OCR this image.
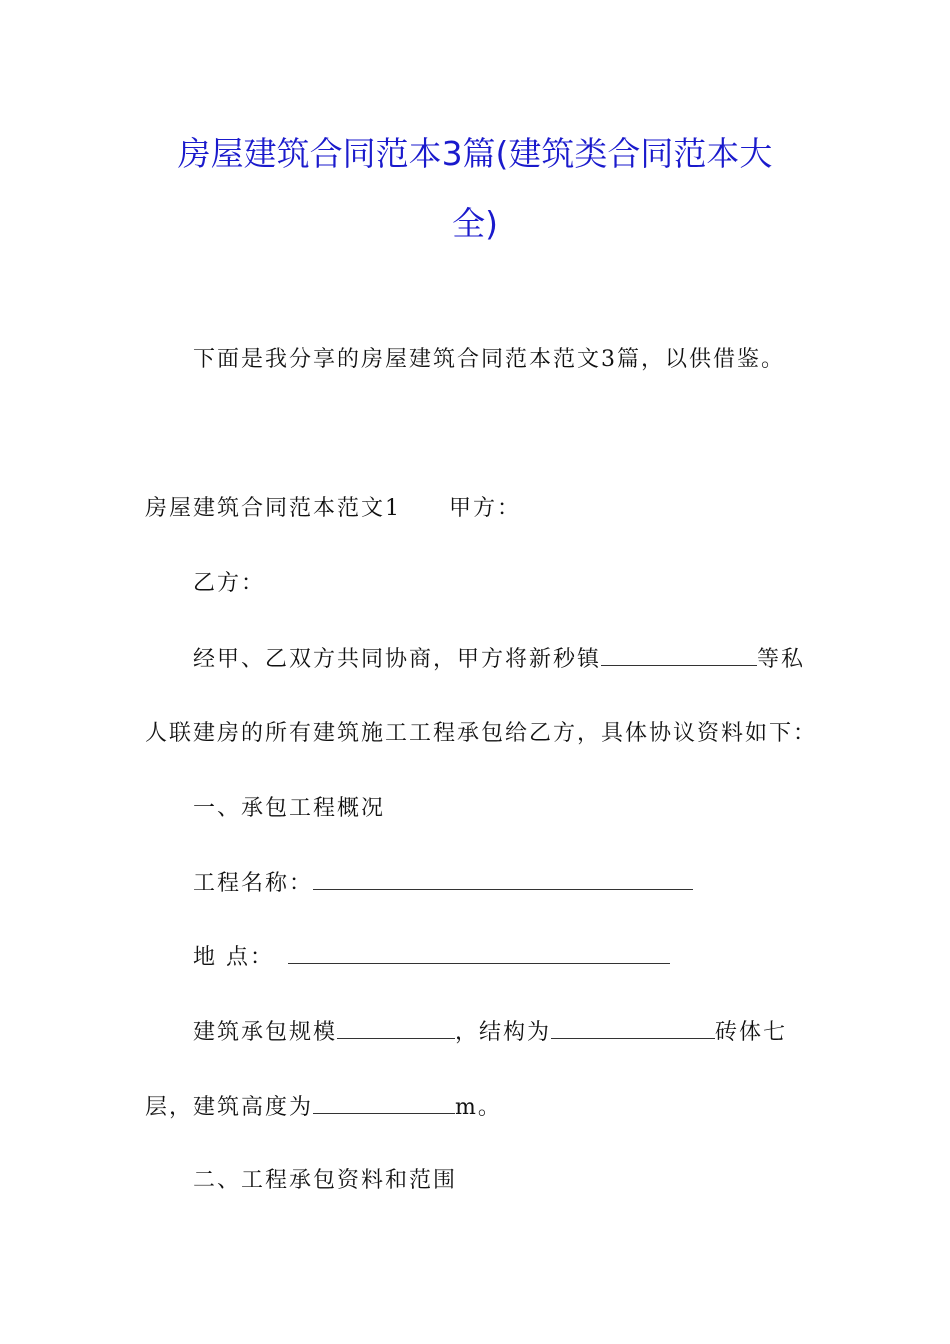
房屋建筑合同范本3篇(建筑类合同范本大
全)
下面是我分享的房屋建筑合同范本范文3篇，以供借鉴。
房屋建筑合同范本范文1 甲方：
乙方：
经甲、乙双方共同协商，甲方将新秒镇	等私
人联建房的所有建筑施工工程承包给乙方，具体协议资料如下：
一、承包工程概况
工程名称：
地 点：
建筑承包规模	，结构为	砖体七
层，建筑高度为	m。
二、工程承包资料和范围
